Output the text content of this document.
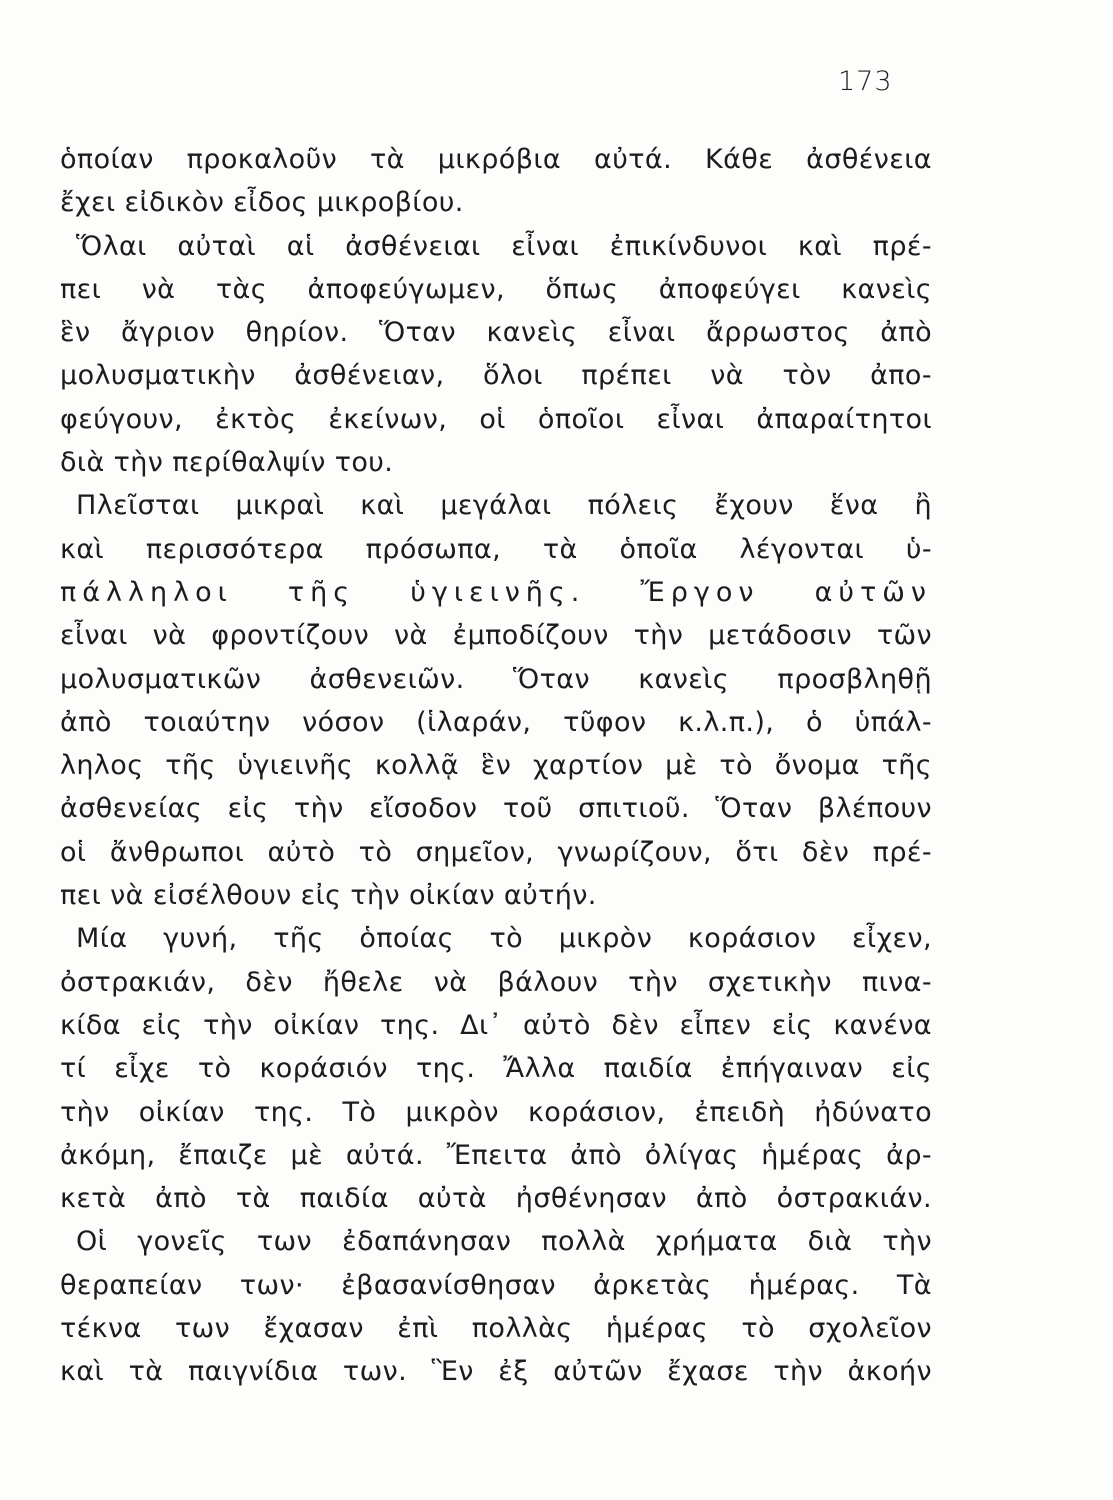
173
ὁποίαν προκαλοῦν τὰ μικρόβια αὐτά. Κάθε ἀσθένεια
ἔχει εἰδικὸν εἶδος μικροβίου.
Ὅλαι αὐταὶ αἱ ἀσθένειαι εἶναι ἐπικίνδυνοι καὶ πρέ-
πει νὰ τὰς ἀποφεύγωμεν, ὅπως ἀποφεύγει κανεὶς
ἓν ἄγριον θηρίον. Ὅταν κανεὶς εἶναι ἄρρωστος ἀπὸ
μολυσματικὴν ἀσθένειαν, ὅλοι πρέπει νὰ τὸν ἀπο-
φεύγουν, ἐκτὸς ἐκείνων, οἱ ὁποῖοι εἶναι ἀπαραίτητοι
διὰ τὴν περίθαλψίν του.
Πλεῖσται μικραὶ καὶ μεγάλαι πόλεις ἔχουν ἕνα ἢ
καὶ περισσότερα πρόσωπα, τὰ ὁποῖα λέγονται ὑ-
πάλληλοι τῆς ὑγιεινῆς. Ἔργον αὐτῶν
εἶναι νὰ φροντίζουν νὰ ἐμποδίζουν τὴν μετάδοσιν τῶν
μολυσματικῶν ἀσθενειῶν. Ὅταν κανεὶς προσβληθῇ
ἀπὸ τοιαύτην νόσον (ἱλαράν, τῦφον κ.λ.π.), ὁ ὑπάλ-
ληλος τῆς ὑγιεινῆς κολλᾷ ἓν χαρτίον μὲ τὸ ὄνομα τῆς
ἀσθενείας εἰς τὴν εἴσοδον τοῦ σπιτιοῦ. Ὅταν βλέπουν
οἱ ἄνθρωποι αὐτὸ τὸ σημεῖον, γνωρίζουν, ὅτι δὲν πρέ-
πει νὰ εἰσέλθουν εἰς τὴν οἰκίαν αὐτήν.
Μία γυνή, τῆς ὁποίας τὸ μικρὸν κοράσιον εἶχεν,
ὀστρακιάν, δὲν ἤθελε νὰ βάλουν τὴν σχετικὴν πινα-
κίδα εἰς τὴν οἰκίαν της. Δι᾽ αὐτὸ δὲν εἶπεν εἰς κανένα
τί εἶχε τὸ κοράσιόν της. Ἄλλα παιδία ἐπήγαιναν εἰς
τὴν οἰκίαν της. Τὸ μικρὸν κοράσιον, ἐπειδὴ ἠδύνατο
ἀκόμη, ἔπαιζε μὲ αὐτά. Ἔπειτα ἀπὸ ὀλίγας ἡμέρας ἀρ-
κετὰ ἀπὸ τὰ παιδία αὐτὰ ἠσθένησαν ἀπὸ ὀστρακιάν.
Οἱ γονεῖς των ἐδαπάνησαν πολλὰ χρήματα διὰ τὴν
θεραπείαν των· ἐβασανίσθησαν ἀρκετὰς ἡμέρας. Τὰ
τέκνα των ἔχασαν ἐπὶ πολλὰς ἡμέρας τὸ σχολεῖον
καὶ τὰ παιγνίδια των. Ἓν ἐξ αὐτῶν ἔχασε τὴν ἀκοήν
